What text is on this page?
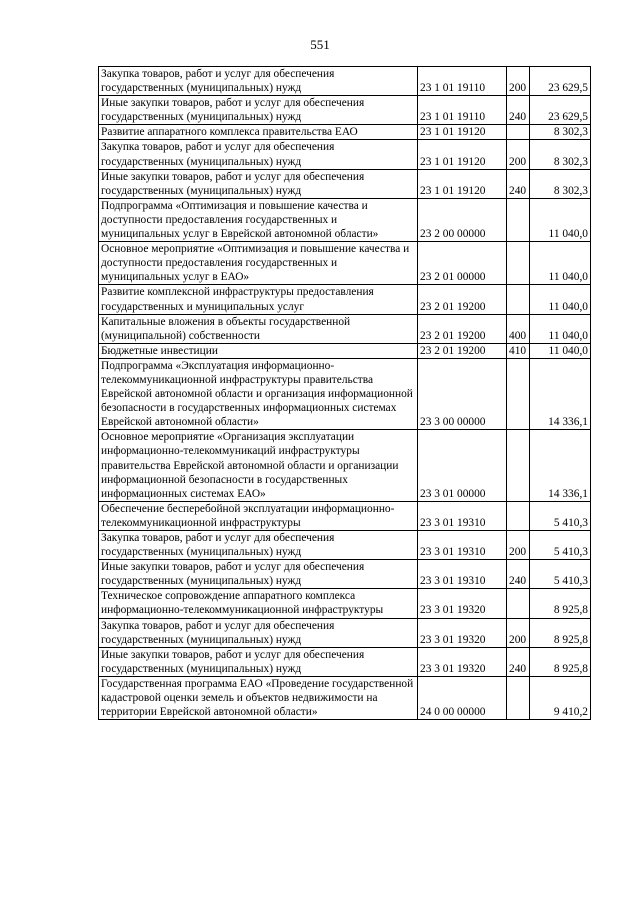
551
Закупка товаров, работ и услуг для обеспечения государственных (муниципальных) нужд	23 1 01 19110	200	23 629,5
Иные закупки товаров, работ и услуг для обеспечения государственных (муниципальных) нужд	23 1 01 19110	240	23 629,5
Развитие аппаратного комплекса правительства ЕАО	23 1 01 19120		8 302,3
Закупка товаров, работ и услуг для обеспечения государственных (муниципальных) нужд	23 1 01 19120	200	8 302,3
Иные закупки товаров, работ и услуг для обеспечения государственных (муниципальных) нужд	23 1 01 19120	240	8 302,3
Подпрограмма «Оптимизация и повышение качества и доступности предоставления государственных и муниципальных услуг в Еврейской автономной области»	23 2 00 00000		11 040,0
Основное мероприятие «Оптимизация и повышение качества и доступности предоставления государственных и муниципальных услуг в ЕАО»	23 2 01 00000		11 040,0
Развитие комплексной инфраструктуры предоставления государственных и муниципальных услуг	23 2 01 19200		11 040,0
Капитальные вложения в объекты государственной (муниципальной) собственности	23 2 01 19200	400	11 040,0
Бюджетные инвестиции	23 2 01 19200	410	11 040,0
Подпрограмма «Эксплуатация информационно-телекоммуникационной инфраструктуры правительства Еврейской автономной области и организация информационной безопасности в государственных информационных системах Еврейской автономной области»	23 3 00 00000		14 336,1
Основное мероприятие «Организация эксплуатации информационно-телекоммуникаций инфраструктуры правительства Еврейской автономной области и организации информационной безопасности в государственных информационных системах ЕАО»	23 3 01 00000		14 336,1
Обеспечение бесперебойной эксплуатации информационно-телекоммуникационной инфраструктуры	23 3 01 19310		5 410,3
Закупка товаров, работ и услуг для обеспечения государственных (муниципальных) нужд	23 3 01 19310	200	5 410,3
Иные закупки товаров, работ и услуг для обеспечения государственных (муниципальных) нужд	23 3 01 19310	240	5 410,3
Техническое сопровождение аппаратного комплекса информационно-телекоммуникационной инфраструктуры	23 3 01 19320		8 925,8
Закупка товаров, работ и услуг для обеспечения государственных (муниципальных) нужд	23 3 01 19320	200	8 925,8
Иные закупки товаров, работ и услуг для обеспечения государственных (муниципальных) нужд	23 3 01 19320	240	8 925,8
Государственная программа ЕАО «Проведение государственной кадастровой оценки земель и объектов недвижимости на территории Еврейской автономной области»	24 0 00 00000		9 410,2
